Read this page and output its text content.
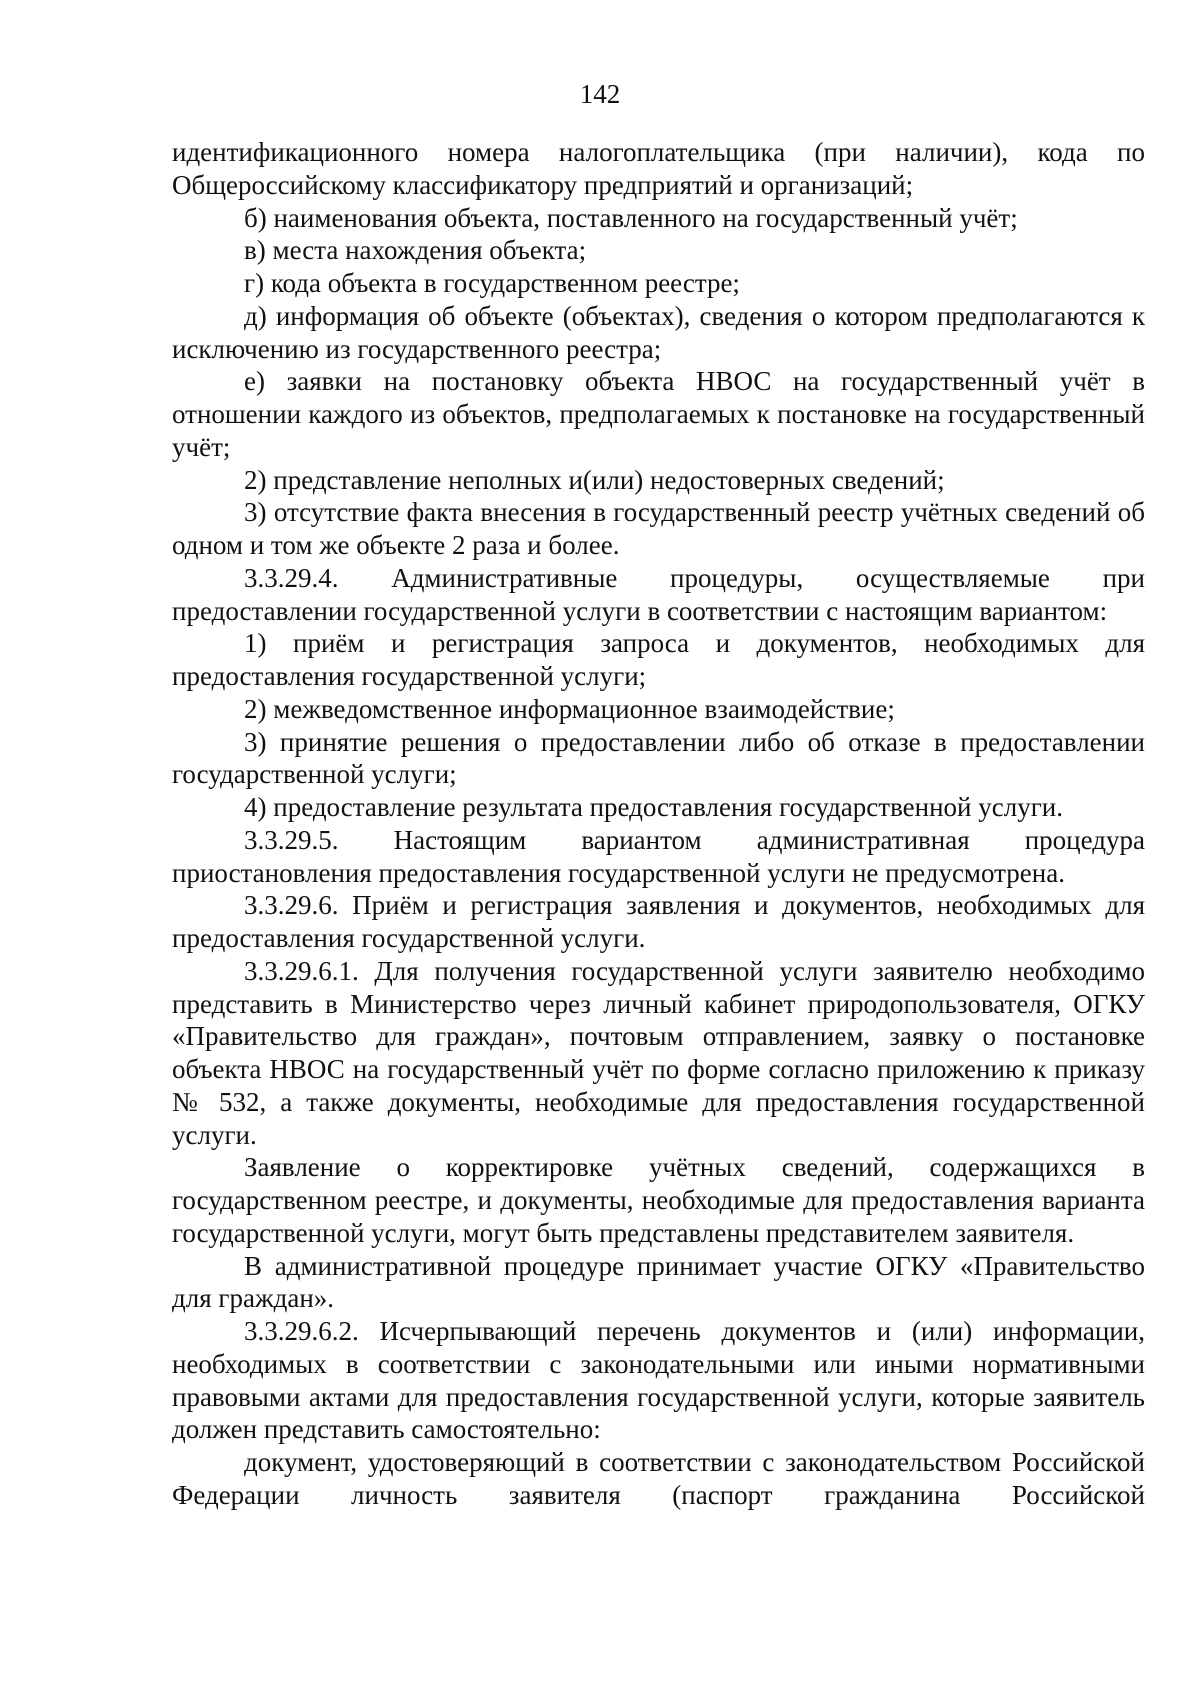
142

идентификационного номера налогоплательщика (при наличии), кода по Общероссийскому классификатору предприятий и организаций;

б) наименования объекта, поставленного на государственный учёт;

в) места нахождения объекта;

г) кода объекта в государственном реестре;

д) информация об объекте (объектах), сведения о котором предполагаются к исключению из государственного реестра;

е) заявки на постановку объекта НВОС на государственный учёт в отношении каждого из объектов, предполагаемых к постановке на государственный учёт;

2) представление неполных и(или) недостоверных сведений;

3) отсутствие факта внесения в государственный реестр учётных сведений об одном и том же объекте 2 раза и более.

3.3.29.4. Административные процедуры, осуществляемые при предоставлении государственной услуги в соответствии с настоящим вариантом:

1) приём и регистрация запроса и документов, необходимых для предоставления государственной услуги;

2) межведомственное информационное взаимодействие;

3) принятие решения о предоставлении либо об отказе в предоставлении государственной услуги;

4) предоставление результата предоставления государственной услуги.

3.3.29.5. Настоящим вариантом административная процедура приостановления предоставления государственной услуги не предусмотрена.

3.3.29.6. Приём и регистрация заявления и документов, необходимых для предоставления государственной услуги.

3.3.29.6.1. Для получения государственной услуги заявителю необходимо представить в Министерство через личный кабинет природопользователя, ОГКУ «Правительство для граждан», почтовым отправлением, заявку о постановке объекта НВОС на государственный учёт по форме согласно приложению к приказу № 532, а также документы, необходимые для предоставления государственной услуги.

Заявление о корректировке учётных сведений, содержащихся в государственном реестре, и документы, необходимые для предоставления варианта государственной услуги, могут быть представлены представителем заявителя.

В административной процедуре принимает участие ОГКУ «Правительство для граждан».

3.3.29.6.2. Исчерпывающий перечень документов и (или) информации, необходимых в соответствии с законодательными или иными нормативными правовыми актами для предоставления государственной услуги, которые заявитель должен представить самостоятельно:

документ, удостоверяющий в соответствии с законодательством Российской Федерации личность заявителя (паспорт гражданина Российской
